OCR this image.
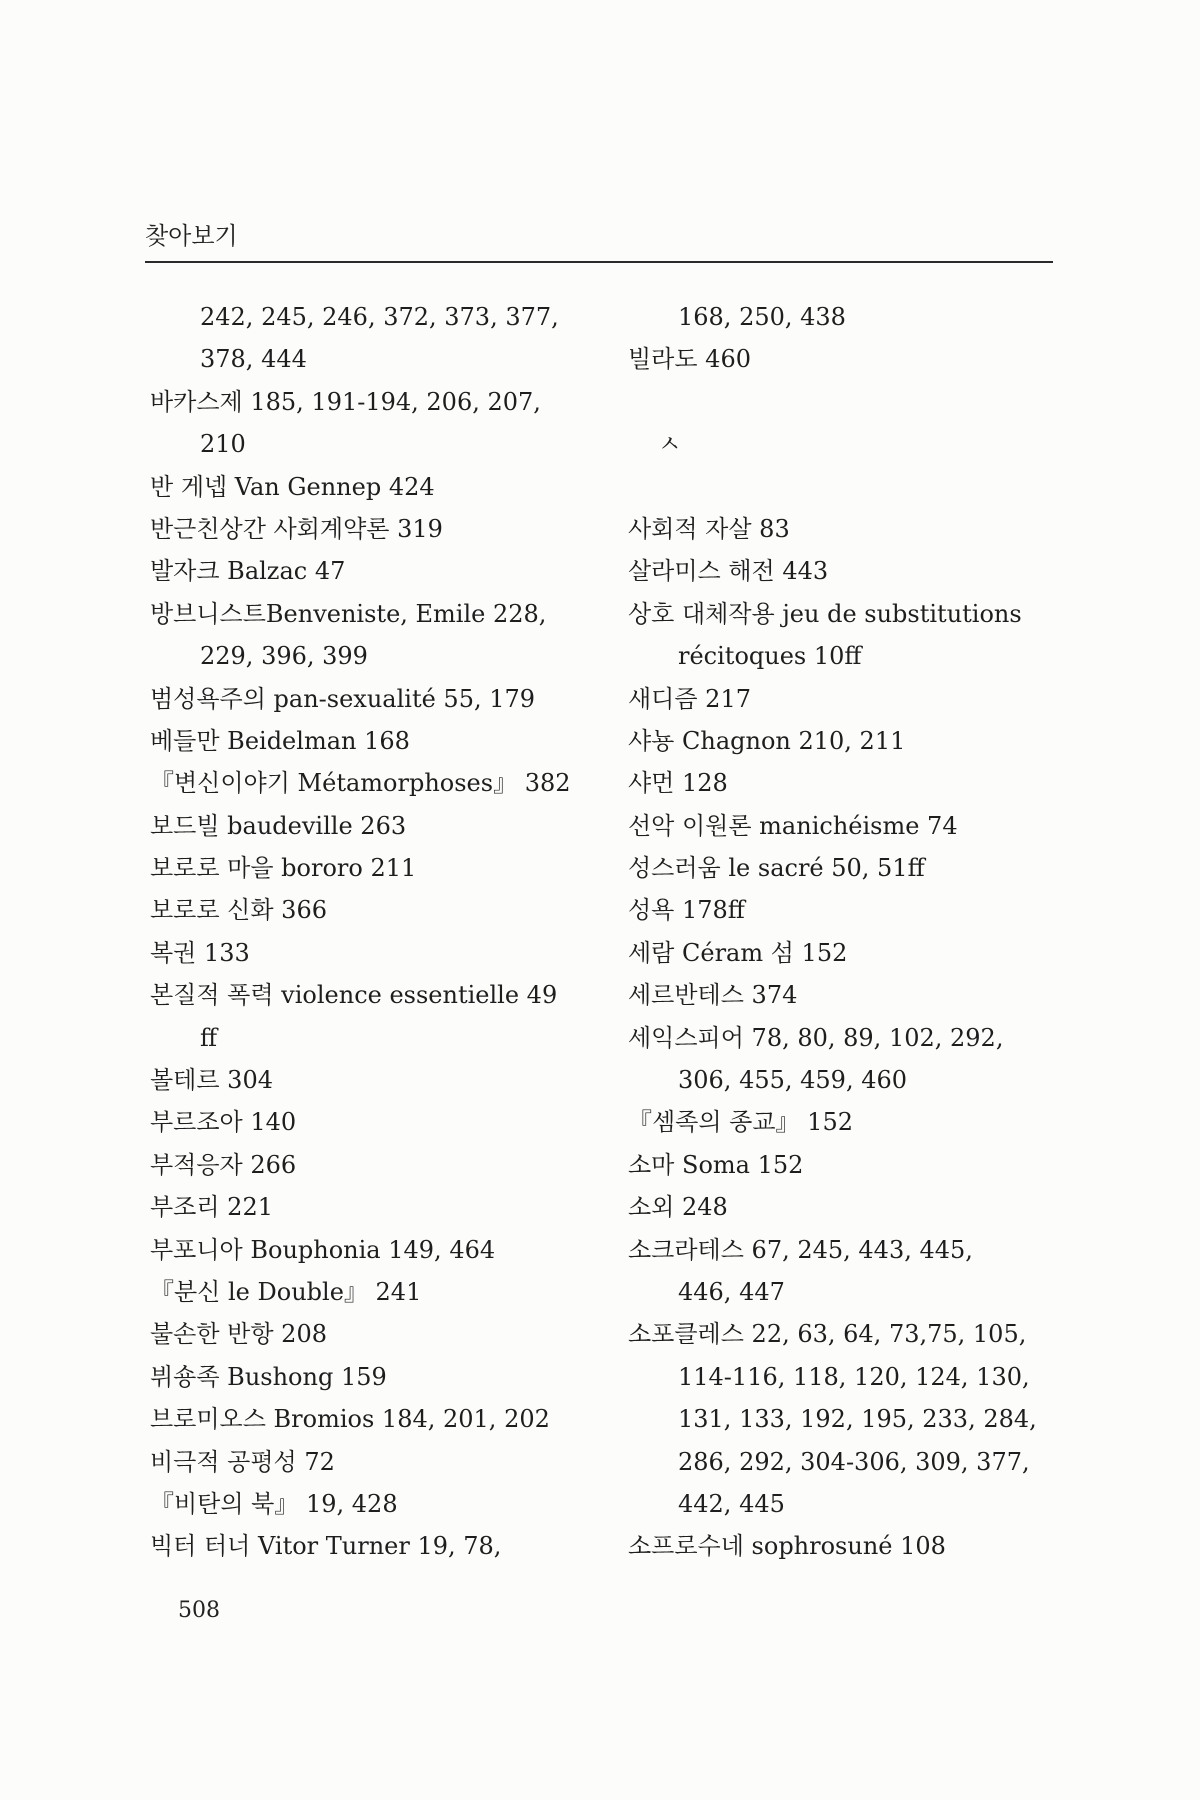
찾아보기
242, 245, 246, 372, 373, 377,
378, 444
바카스제 185, 191-194, 206, 207,
210
반 게넵 Van Gennep 424
반근친상간 사회계약론 319
발자크 Balzac 47
방브니스트Benveniste, Emile 228,
229, 396, 399
범성욕주의 pan-sexualité 55, 179
베들만 Beidelman 168
『변신이야기 Métamorphoses』 382
보드빌 baudeville 263
보로로 마을 bororo 211
보로로 신화 366
복권 133
본질적 폭력 violence essentielle 49
ff
볼테르 304
부르조아 140
부적응자 266
부조리 221
부포니아 Bouphonia 149, 464
『분신 le Double』 241
불손한 반항 208
뷔숑족 Bushong 159
브로미오스 Bromios 184, 201, 202
비극적 공평성 72
『비탄의 북』 19, 428
빅터 터너 Vitor Turner 19, 78,
168, 250, 438
빌라도 460
ㅅ
사회적 자살 83
살라미스 해전 443
상호 대체작용 jeu de substitutions
récitoques 10ff
새디즘 217
샤뇽 Chagnon 210, 211
샤먼 128
선악 이원론 manichéisme 74
성스러움 le sacré 50, 51ff
성욕 178ff
세람 Céram 섬 152
세르반테스 374
세익스피어 78, 80, 89, 102, 292,
306, 455, 459, 460
『셈족의 종교』 152
소마 Soma 152
소외 248
소크라테스 67, 245, 443, 445,
446, 447
소포클레스 22, 63, 64, 73,75, 105,
114-116, 118, 120, 124, 130,
131, 133, 192, 195, 233, 284,
286, 292, 304-306, 309, 377,
442, 445
소프로수네 sophrosuné 108
508
